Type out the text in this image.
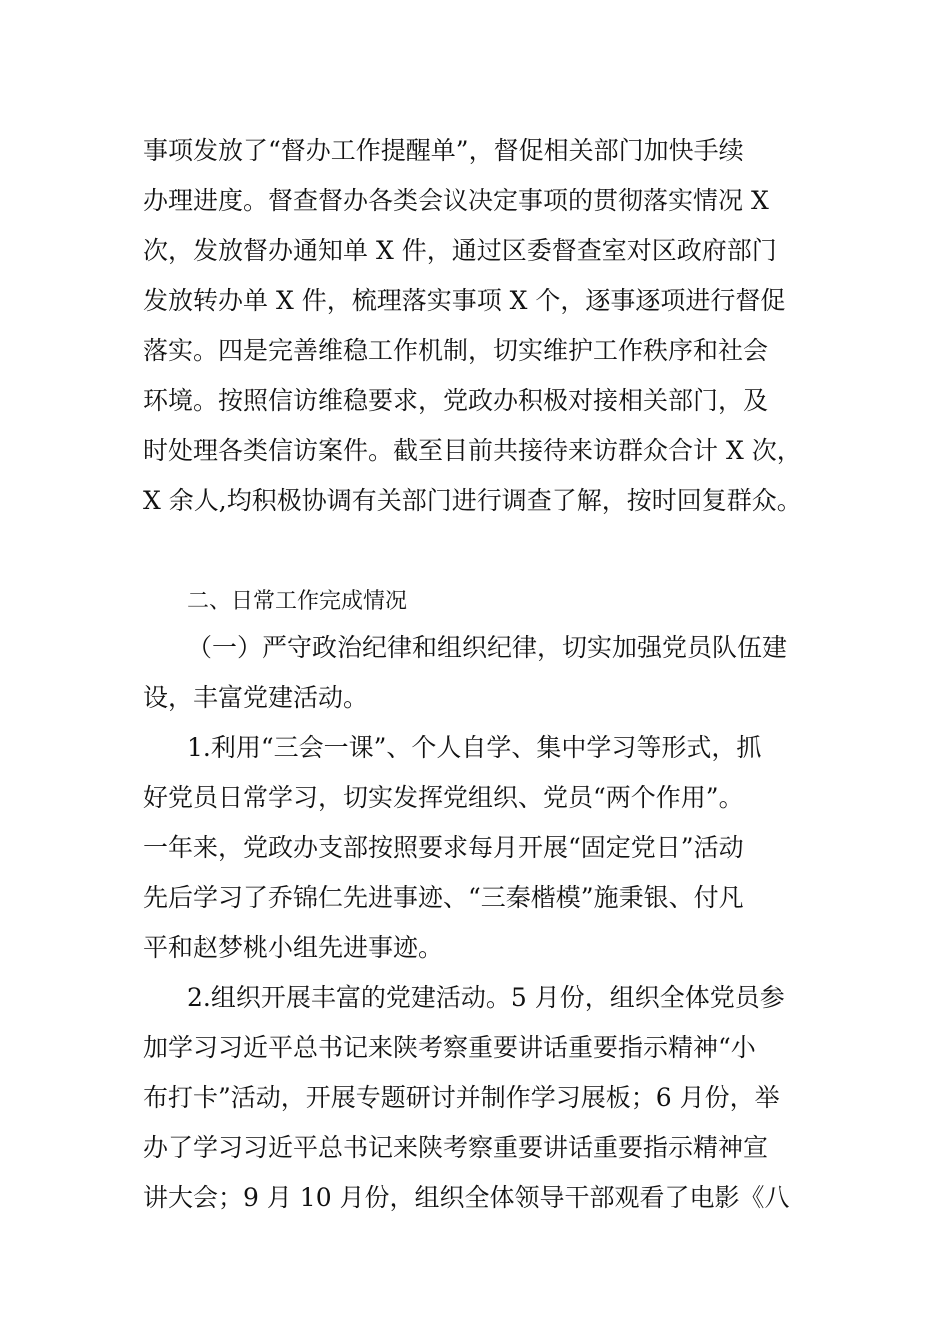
事项发放了“督办工作提醒单”，督促相关部门加快手续

办理进度。督查督办各类会议决定事项的贯彻落实情况 X

次，发放督办通知单 X 件，通过区委督查室对区政府部门

发放转办单 X 件，梳理落实事项 X 个，逐事逐项进行督促

落实。四是完善维稳工作机制，切实维护工作秩序和社会

环境。按照信访维稳要求，党政办积极对接相关部门，及

时处理各类信访案件。截至目前共接待来访群众合计 X 次，

X 余人,均积极协调有关部门进行调查了解，按时回复群众。

二、日常工作完成情况

（一）严守政治纪律和组织纪律，切实加强党员队伍建

设，丰富党建活动。

1.利用“三会一课”、个人自学、集中学习等形式，抓

好党员日常学习，切实发挥党组织、党员“两个作用”。

一年来，党政办支部按照要求每月开展“固定党日”活动

先后学习了乔锦仁先进事迹、“三秦楷模”施秉银、付凡

平和赵梦桃小组先进事迹。

2.组织开展丰富的党建活动。5 月份，组织全体党员参

加学习习近平总书记来陕考察重要讲话重要指示精神“小

布打卡”活动，开展专题研讨并制作学习展板；6 月份，举

办了学习习近平总书记来陕考察重要讲话重要指示精神宣

讲大会；9 月 10 月份，组织全体领导干部观看了电影《八
